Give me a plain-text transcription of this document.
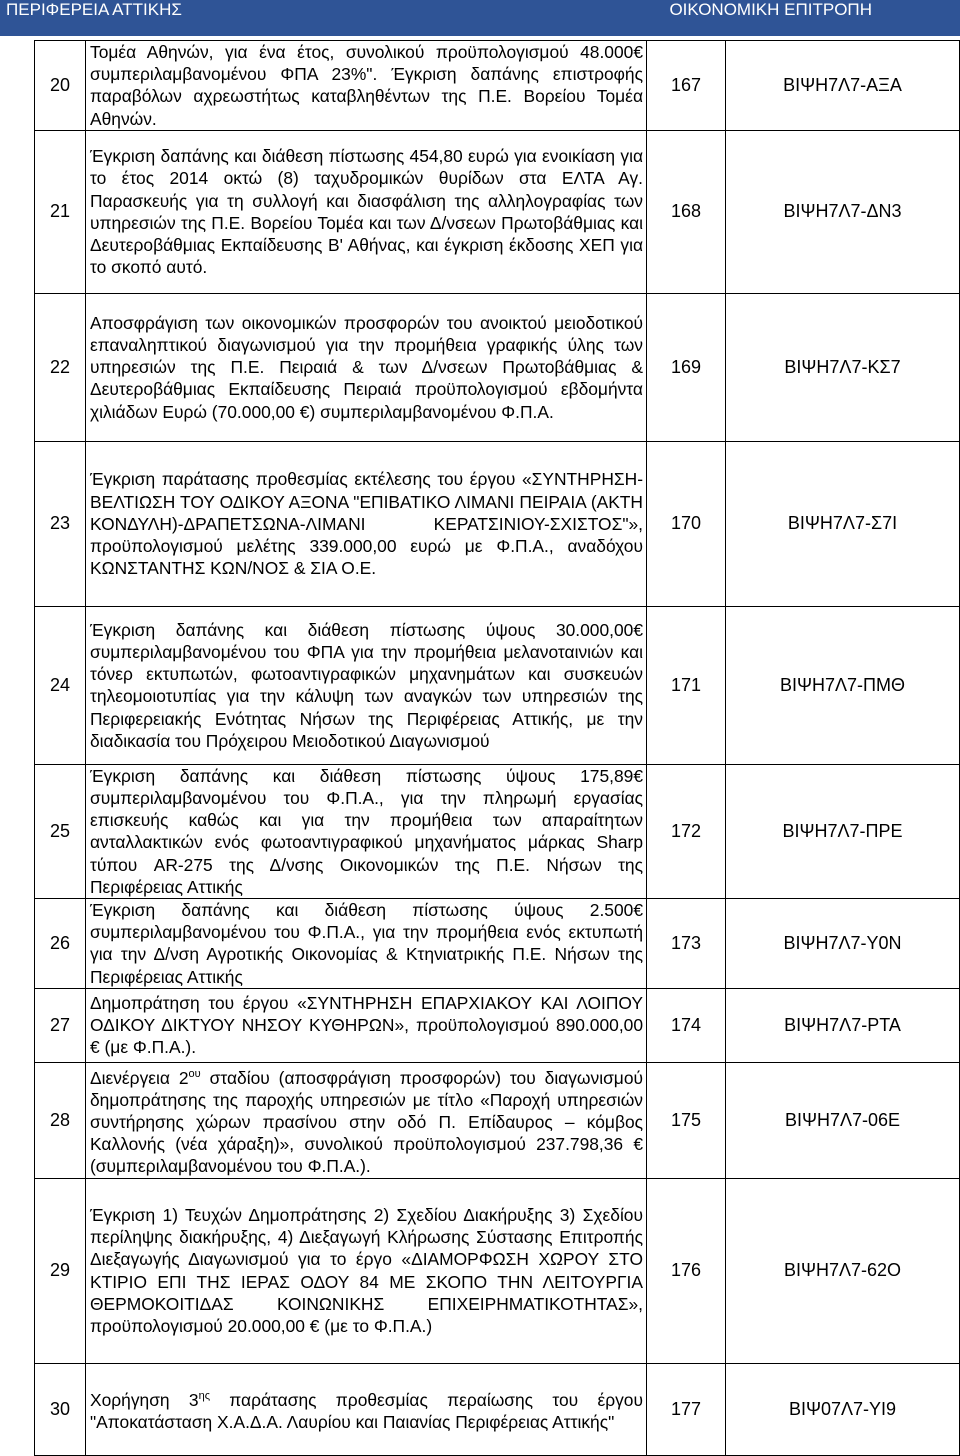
ΠΕΡΙΦΕΡΕΙΑ ΑΤΤΙΚΗΣ	ΟΙΚΟΝΟΜΙΚΗ ΕΠΙΤΡΟΠΗ
20	Τομέα Αθηνών, για ένα έτος, συνολικού προϋπολογισμού 48.000€ συμπεριλαμβανομένου ΦΠΑ 23%". Έγκριση δαπάνης επιστροφής παραβόλων αχρεωστήτως καταβληθέντων της Π.Ε. Βορείου Τομέα Αθηνών.	167	ΒΙΨΗ7Λ7-ΑΞΑ
21	Έγκριση δαπάνης και διάθεση πίστωσης 454,80 ευρώ για ενοικίαση για το έτος 2014 οκτώ (8) ταχυδρομικών θυρίδων στα ΕΛΤΑ Αγ. Παρασκευής για τη συλλογή και διασφάλιση της αλληλογραφίας των υπηρεσιών της Π.Ε. Βορείου Τομέα και των Δ/νσεων Πρωτοβάθμιας και Δευτεροβάθμιας Εκπαίδευσης Β' Αθήνας, και έγκριση έκδοσης ΧΕΠ για το σκοπό αυτό.	168	ΒΙΨΗ7Λ7-ΔΝ3
22	Αποσφράγιση των οικονομικών προσφορών του ανοικτού μειοδοτικού επαναληπτικού διαγωνισμού για την προμήθεια γραφικής ύλης των υπηρεσιών της Π.Ε. Πειραιά & των Δ/νσεων Πρωτοβάθμιας & Δευτεροβάθμιας Εκπαίδευσης Πειραιά προϋπολογισμού εβδομήντα χιλιάδων Ευρώ (70.000,00 €) συμπεριλαμβανομένου Φ.Π.Α.	169	ΒΙΨΗ7Λ7-ΚΣ7
23	Έγκριση παράτασης προθεσμίας εκτέλεσης του έργου «ΣΥΝΤΗΡΗΣΗ-ΒΕΛΤΙΩΣΗ ΤΟΥ ΟΔΙΚΟΥ ΑΞΟΝΑ "ΕΠΙΒΑΤΙΚΟ ΛΙΜΑΝΙ ΠΕΙΡΑΙΑ (ΑΚΤΗ ΚΟΝΔΥΛΗ)-ΔΡΑΠΕΤΣΩΝΑ-ΛΙΜΑΝΙ ΚΕΡΑΤΣΙΝΙΟΥ-ΣΧΙΣΤΟΣ"», προϋπολογισμού μελέτης 339.000,00 ευρώ με Φ.Π.Α., αναδόχου ΚΩΝΣΤΑΝΤΗΣ ΚΩΝ/ΝΟΣ & ΣΙΑ Ο.Ε.	170	ΒΙΨΗ7Λ7-Σ7Ι
24	Έγκριση δαπάνης και διάθεση πίστωσης ύψους 30.000,00€ συμπεριλαμβανομένου του ΦΠΑ για την προμήθεια μελανοταινιών και τόνερ εκτυπωτών, φωτοαντιγραφικών μηχανημάτων και συσκευών τηλεομοιοτυπίας για την κάλυψη των αναγκών των υπηρεσιών της Περιφερειακής Ενότητας Νήσων της Περιφέρειας Αττικής, με την διαδικασία του Πρόχειρου Μειοδοτικού Διαγωνισμού	171	ΒΙΨΗ7Λ7-ΠΜΘ
25	Έγκριση δαπάνης και διάθεση πίστωσης ύψους 175,89€ συμπεριλαμβανομένου του Φ.Π.Α., για την πληρωμή εργασίας επισκευής καθώς και για την προμήθεια των απαραίτητων ανταλλακτικών ενός φωτοαντιγραφικού μηχανήματος μάρκας Sharp τύπου AR-275 της Δ/νσης Οικονομικών της Π.Ε. Νήσων της Περιφέρειας Αττικής	172	ΒΙΨΗ7Λ7-ΠΡΕ
26	Έγκριση δαπάνης και διάθεση πίστωσης ύψους 2.500€ συμπεριλαμβανομένου του Φ.Π.Α., για την προμήθεια ενός εκτυπωτή για την Δ/νση Αγροτικής Οικονομίας & Κτηνιατρικής Π.Ε. Νήσων της Περιφέρειας Αττικής	173	ΒΙΨΗ7Λ7-Υ0Ν
27	Δημοπράτηση του έργου «ΣΥΝΤΗΡΗΣΗ ΕΠΑΡΧΙΑΚΟΥ ΚΑΙ ΛΟΙΠΟΥ ΟΔΙΚΟΥ ΔΙΚΤΥΟΥ ΝΗΣΟΥ ΚΥΘΗΡΩΝ», προϋπολογισμού 890.000,00 € (με Φ.Π.Α.).	174	ΒΙΨΗ7Λ7-ΡΤΑ
28	Διενέργεια $2^{o\upsilon}$ σταδίου (αποσφράγιση προσφορών) του διαγωνισμού δημοπράτησης της παροχής υπηρεσιών με τίτλο «Παροχή υπηρεσιών συντήρησης χώρων πρασίνου στην οδό Π. Επίδαυρος – κόμβος Καλλονής (νέα χάραξη)», συνολικού προϋπολογισμού 237.798,36 € (συμπεριλαμβανομένου του Φ.Π.Α.).	175	ΒΙΨΗ7Λ7-06Ε
29	Έγκριση 1) Τευχών Δημοπράτησης 2) Σχεδίου Διακήρυξης 3) Σχεδίου περίληψης διακήρυξης, 4) Διεξαγωγή Κλήρωσης Σύστασης Επιτροπής Διεξαγωγής Διαγωνισμού για το έργο «ΔΙΑΜΟΡΦΩΣΗ ΧΩΡΟΥ ΣΤΟ ΚΤΙΡΙΟ ΕΠΙ ΤΗΣ ΙΕΡΑΣ ΟΔΟΥ 84 ΜΕ ΣΚΟΠΟ ΤΗΝ ΛΕΙΤΟΥΡΓΙΑ ΘΕΡΜΟΚΟΙΤΙΔΑΣ ΚΟΙΝΩΝΙΚΗΣ ΕΠΙΧΕΙΡΗΜΑΤΙΚΟΤΗΤΑΣ», προϋπολογισμού 20.000,00 € (με το Φ.Π.Α.)	176	ΒΙΨΗ7Λ7-62Ο
30	Χορήγηση $3^{\eta\varsigma}$ παράτασης προθεσμίας περαίωσης του έργου "Αποκατάσταση Χ.Α.Δ.Α. Λαυρίου και Παιανίας Περιφέρειας Αττικής"	177	ΒΙΨ07Λ7-ΥΙ9
